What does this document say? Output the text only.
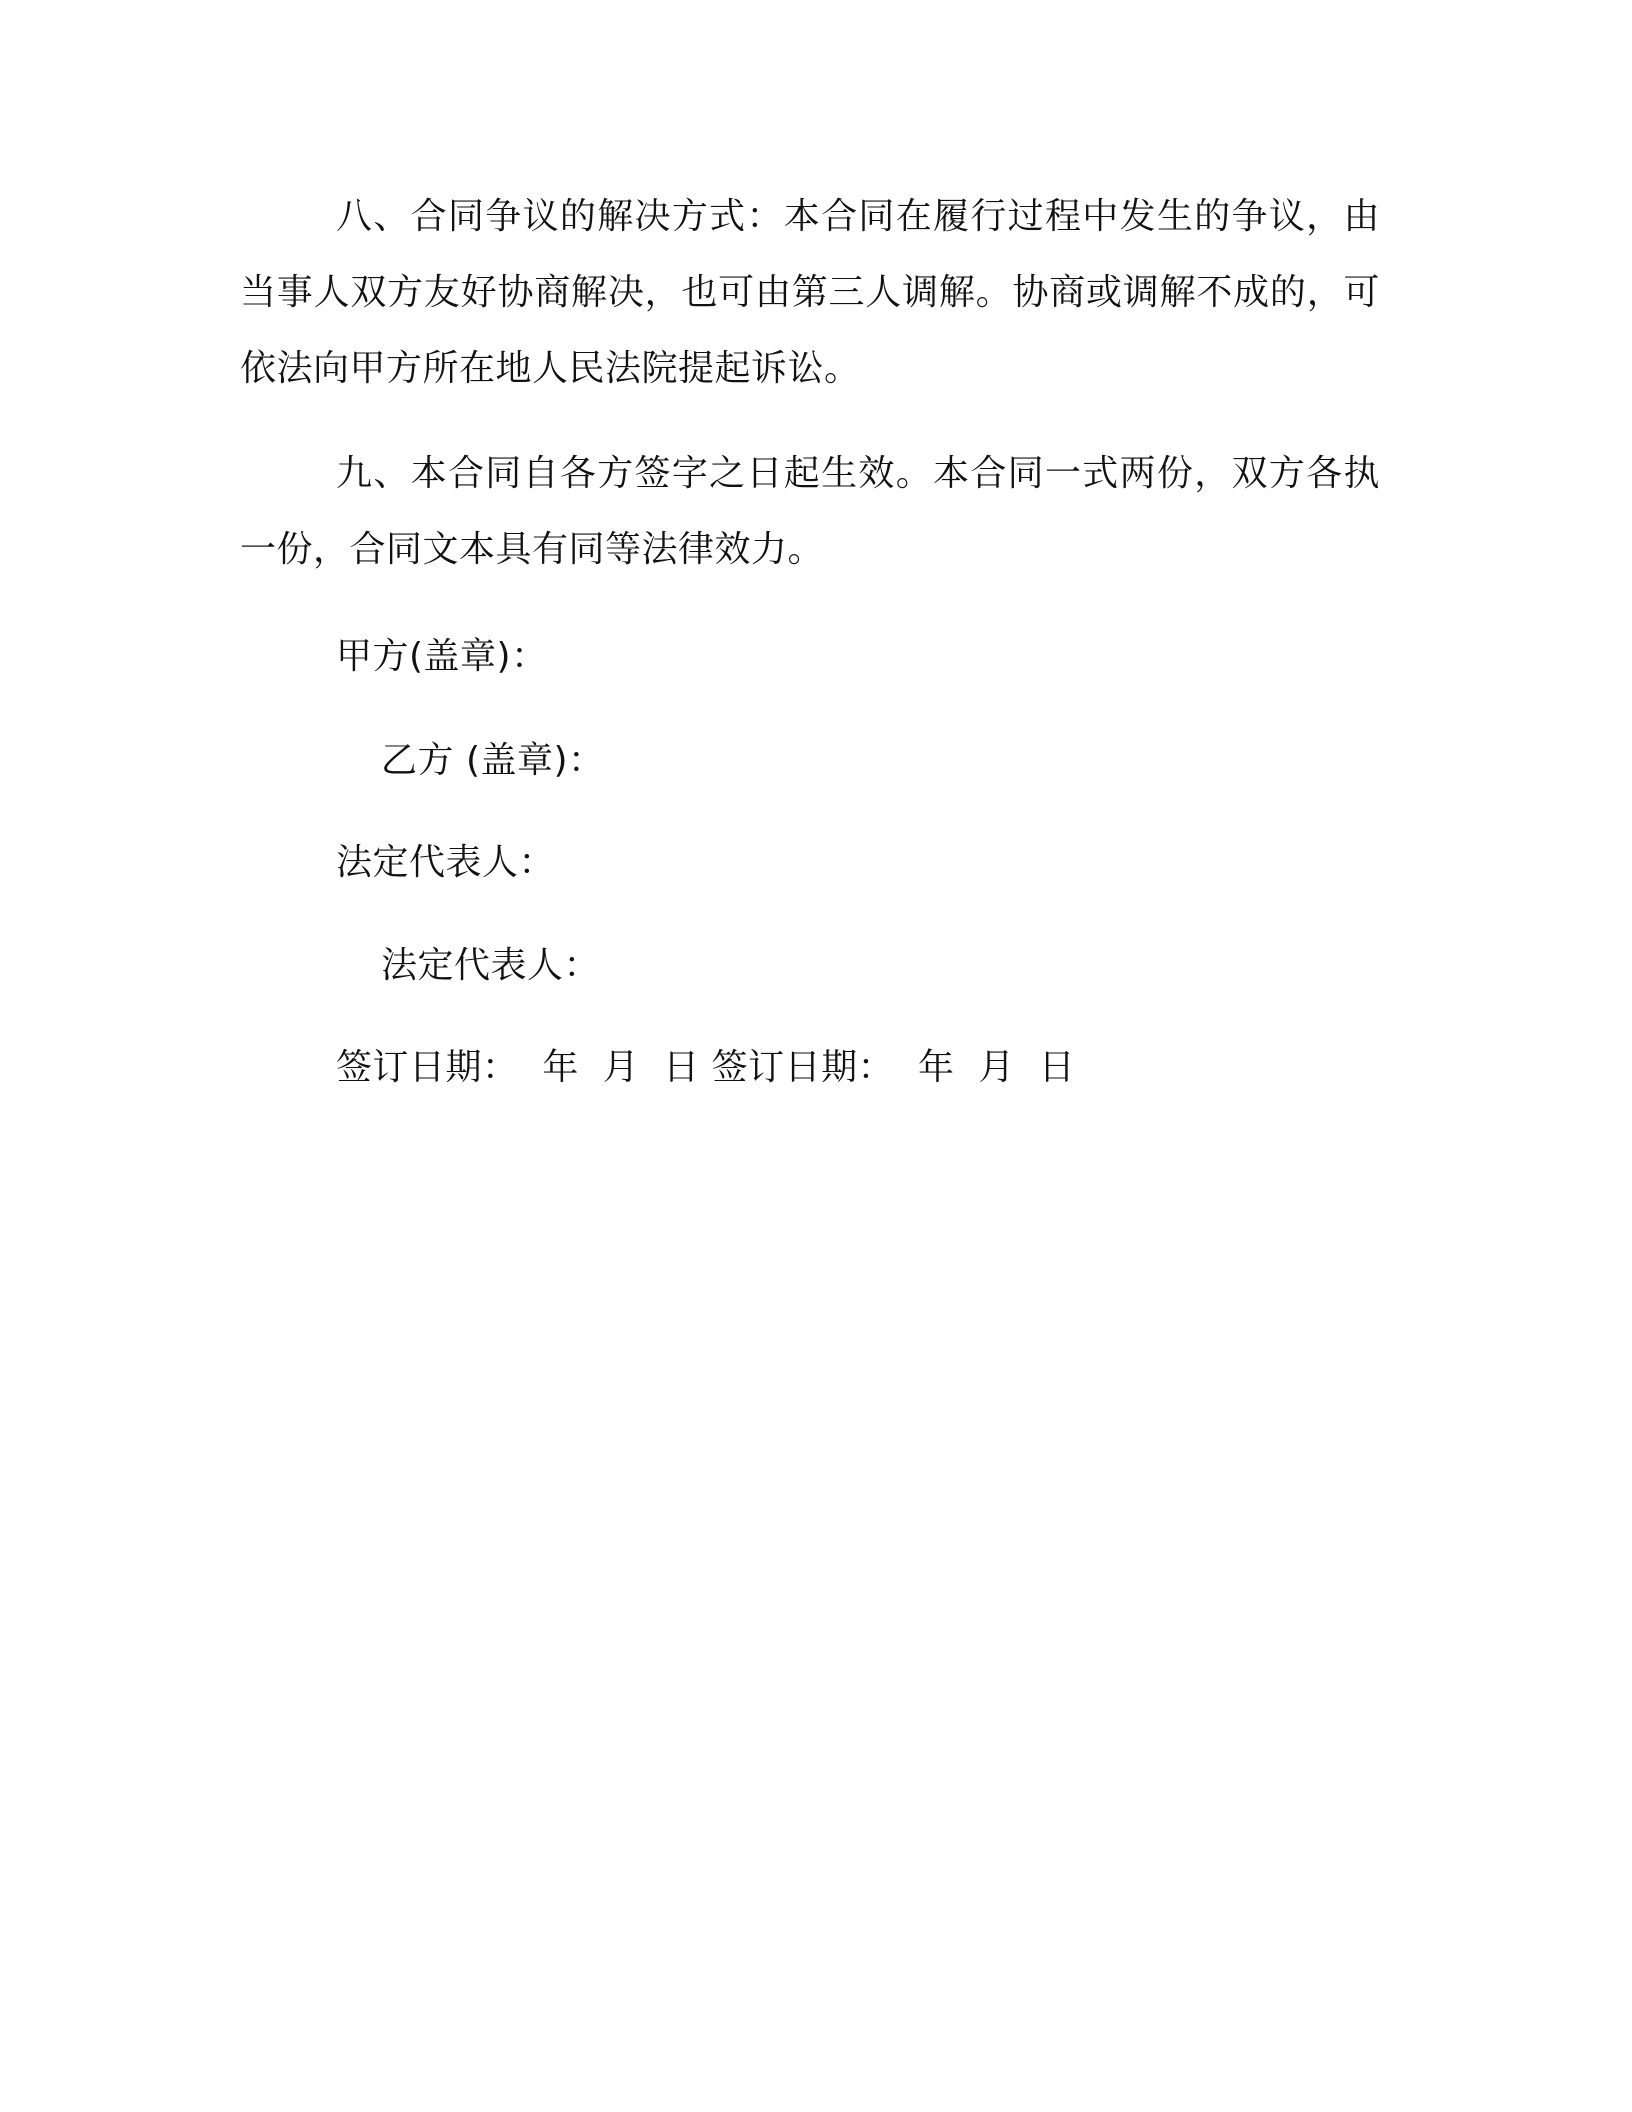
八、合同争议的解决方式：本合同在履行过程中发生的争议，由当事人双方友好协商解决，也可由第三人调解。协商或调解不成的，可依法向甲方所在地人民法院提起诉讼。

九、本合同自各方签字之日起生效。本合同一式两份，双方各执一份，合同文本具有同等法律效力。

甲方(盖章)：
乙方 (盖章)：
法定代表人：
法定代表人：
签订日期：  年  月  日 签订日期：  年  月  日
